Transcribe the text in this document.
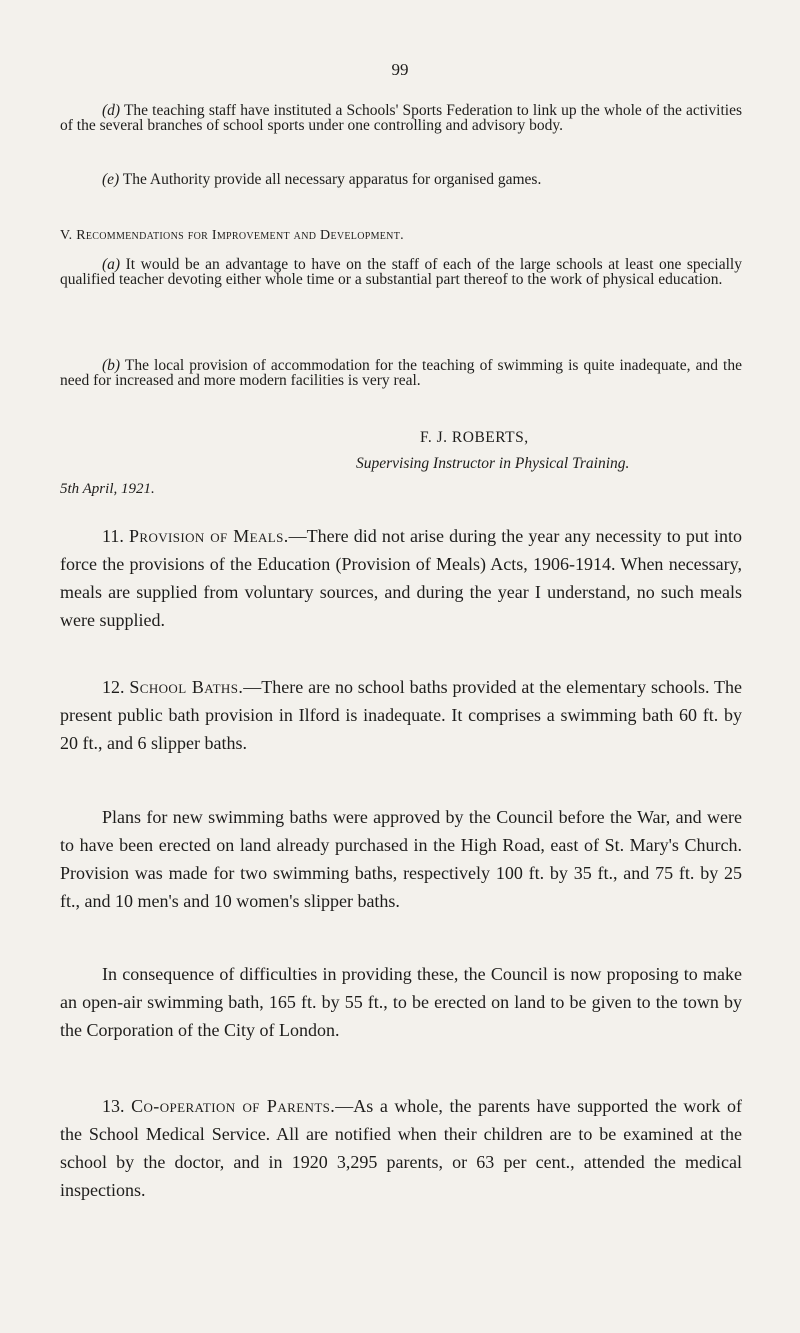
99

(d) The teaching staff have instituted a Schools' Sports Federation to link up the whole of the activities of the several branches of school sports under one controlling and advisory body.

(e) The Authority provide all necessary apparatus for organised games.

V. Recommendations for Improvement and Development.

(a) It would be an advantage to have on the staff of each of the large schools at least one specially qualified teacher devoting either whole time or a substantial part thereof to the work of physical education.

(b) The local provision of accommodation for the teaching of swimming is quite inadequate, and the need for increased and more modern facilities is very real.

F. J. ROBERTS,
Supervising Instructor in Physical Training.
5th April, 1921.

11. Provision of Meals.—There did not arise during the year any necessity to put into force the provisions of the Education (Provision of Meals) Acts, 1906-1914. When necessary, meals are supplied from voluntary sources, and during the year I understand, no such meals were supplied.

12. School Baths.—There are no school baths provided at the elementary schools. The present public bath provision in Ilford is inadequate. It comprises a swimming bath 60 ft. by 20 ft., and 6 slipper baths.

Plans for new swimming baths were approved by the Council before the War, and were to have been erected on land already purchased in the High Road, east of St. Mary's Church. Provision was made for two swimming baths, respectively 100 ft. by 35 ft., and 75 ft. by 25 ft., and 10 men's and 10 women's slipper baths.

In consequence of difficulties in providing these, the Council is now proposing to make an open-air swimming bath, 165 ft. by 55 ft., to be erected on land to be given to the town by the Corporation of the City of London.

13. Co-operation of Parents.—As a whole, the parents have supported the work of the School Medical Service. All are notified when their children are to be examined at the school by the doctor, and in 1920 3,295 parents, or 63 per cent., attended the medical inspections.
